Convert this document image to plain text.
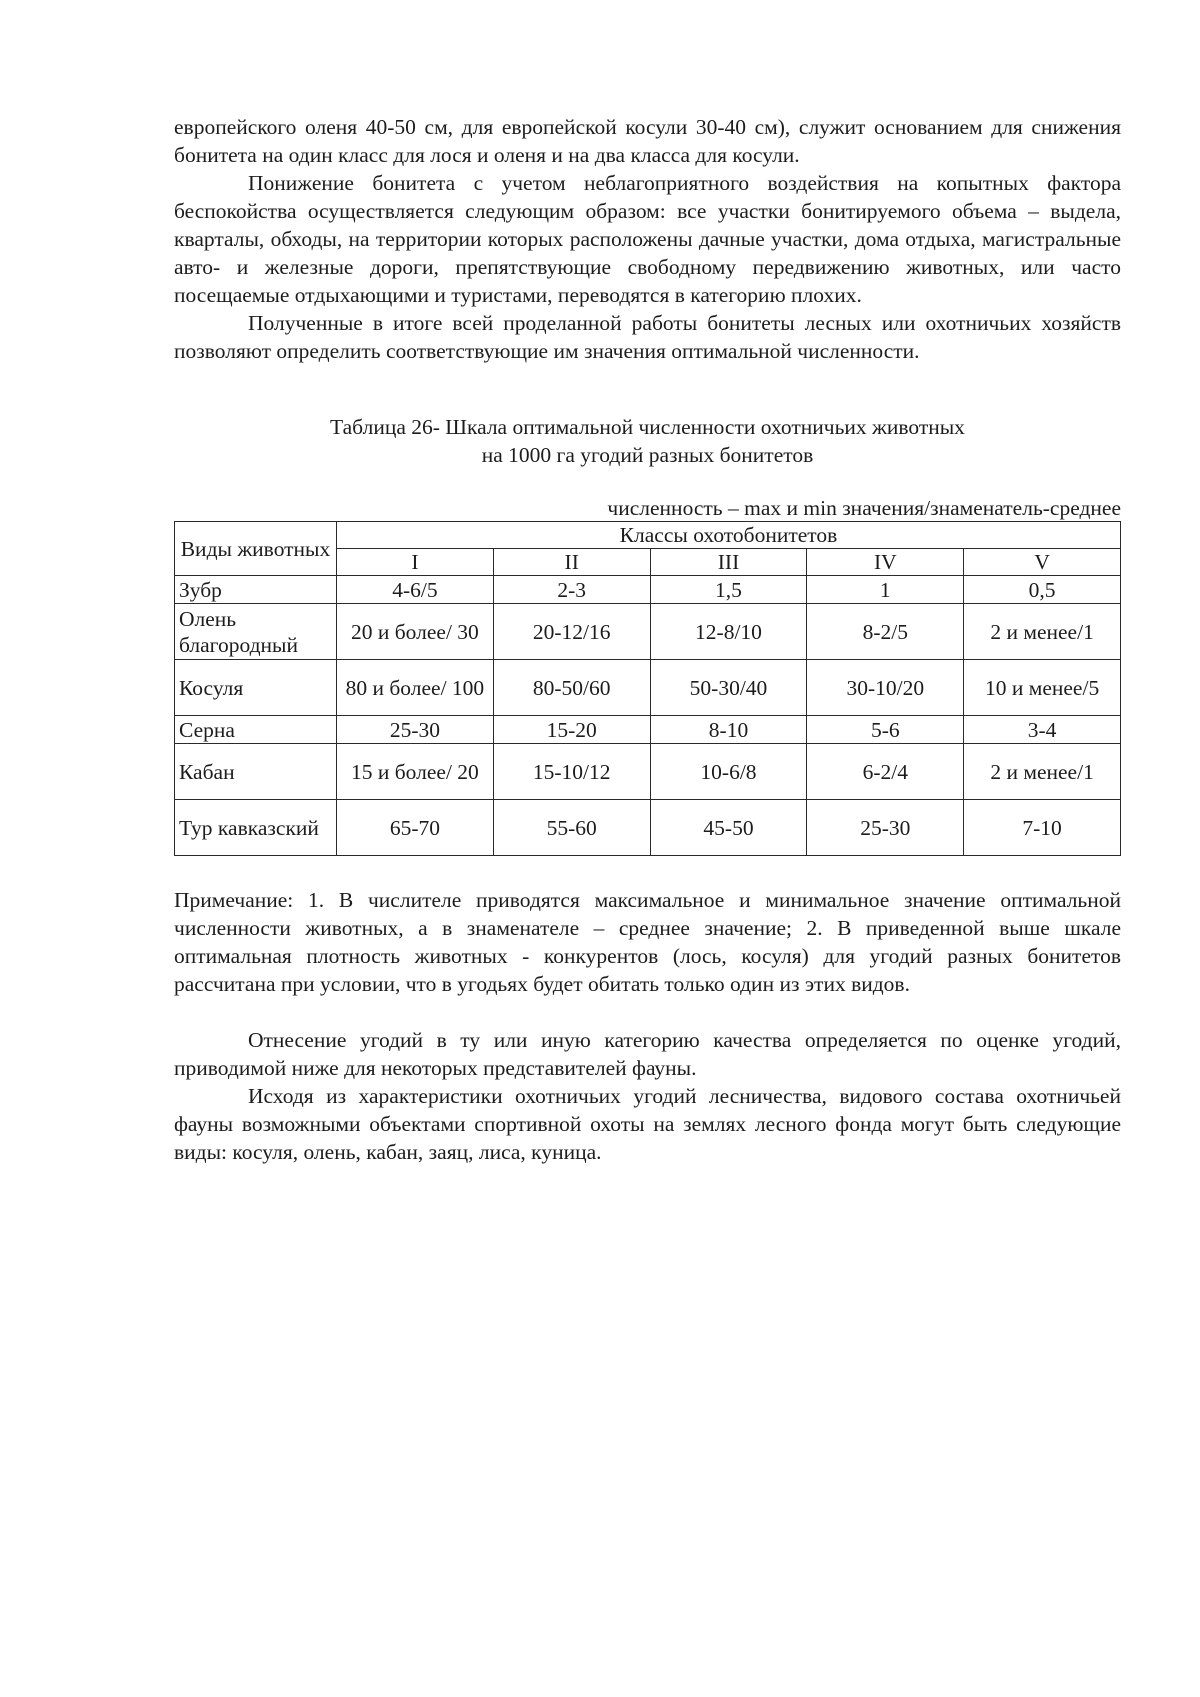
европейского оленя 40-50 см, для европейской косули 30-40 см), служит основанием для снижения бонитета на один класс для лося и оленя и на два класса для косули.

Понижение бонитета с учетом неблагоприятного воздействия на копытных фактора беспокойства осуществляется следующим образом: все участки бонитируемого объема – выдела, кварталы, обходы, на территории которых расположены дачные участки, дома отдыха, магистральные авто- и железные дороги, препятствующие свободному передвижению животных, или часто посещаемые отдыхающими и туристами, переводятся в категорию плохих.

Полученные в итоге всей проделанной работы бонитеты лесных или охотничьих хозяйств позволяют определить соответствующие им значения оптимальной численности.

Таблица 26- Шкала оптимальной численности охотничьих животных

на 1000 га угодий разных бонитетов

численность – max и min значения/знаменатель-среднее

Виды животных	Классы охотобонитетов				
	I	II	III	IV	V
Зубр	4-6/5	2-3	1,5	1	0,5
Олень благородный	20 и более/ 30	20-12/16	12-8/10	8-2/5	2 и менее/1
Косуля	80 и более/ 100	80-50/60	50-30/40	30-10/20	10 и менее/5
Серна	25-30	15-20	8-10	5-6	3-4
Кабан	15 и более/ 20	15-10/12	10-6/8	6-2/4	2 и менее/1
Тур кавказский	65-70	55-60	45-50	25-30	7-10

Примечание: 1. В числителе приводятся максимальное и минимальное значение оптимальной численности животных, а в знаменателе – среднее значение; 2. В приведенной выше шкале оптимальная плотность животных - конкурентов (лось, косуля) для угодий разных бонитетов рассчитана при условии, что в угодьях будет обитать только один из этих видов.

Отнесение угодий в ту или иную категорию качества определяется по оценке угодий, приводимой ниже для некоторых представителей фауны.

Исходя из характеристики охотничьих угодий лесничества, видового состава охотничьей фауны возможными объектами спортивной охоты на землях лесного фонда могут быть следующие виды: косуля, олень, кабан, заяц, лиса, куница.
